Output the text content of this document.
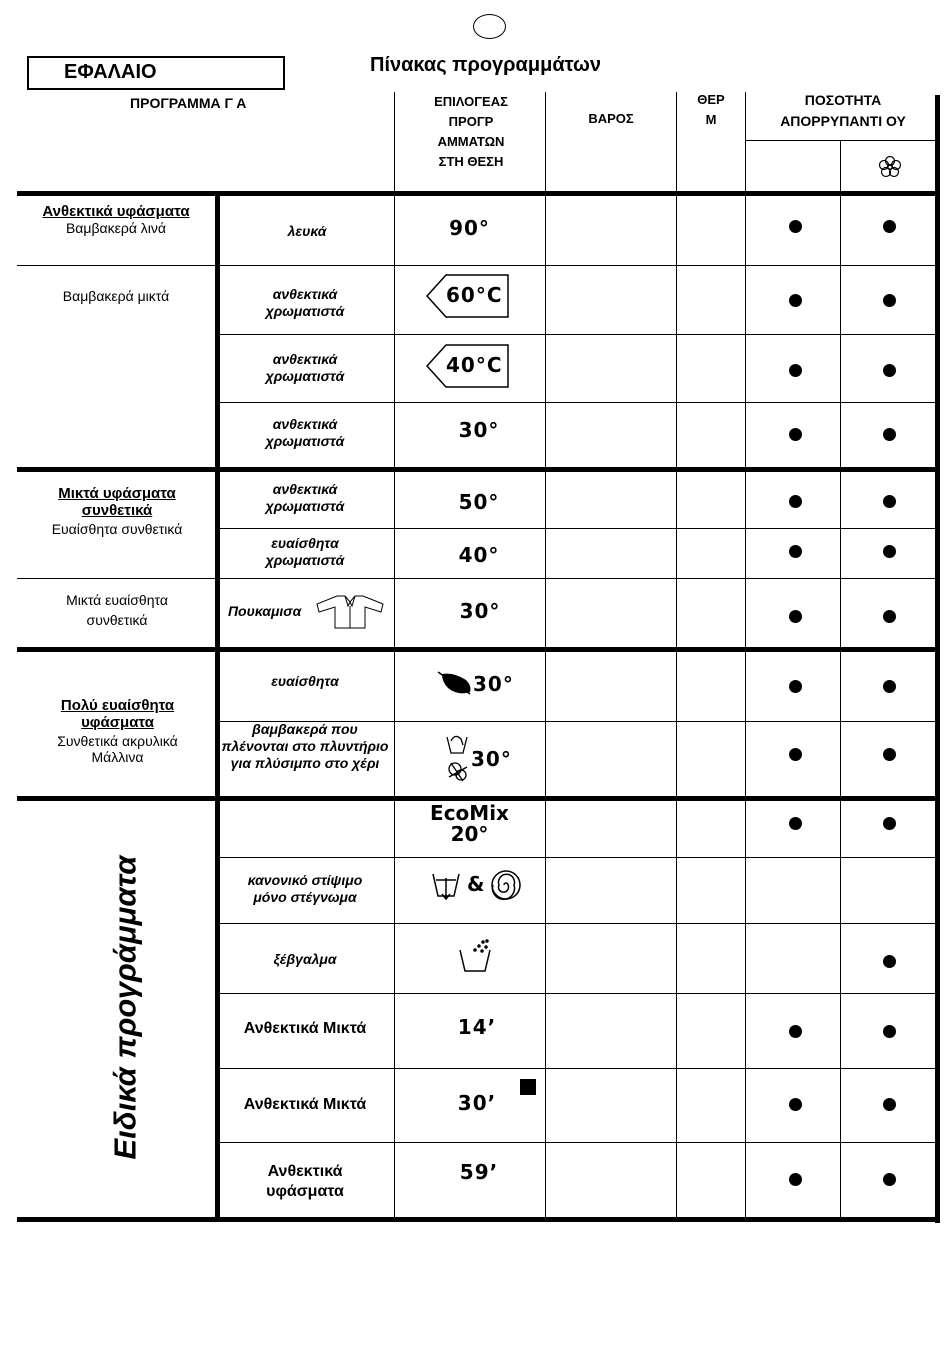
ΕΦΑΛΑΙΟ	Πίνακας προγραμμάτων
ΠΡΟΓΡΑΜΜΑ Γ Α	ΕΠΙΛΟΓΕΑΣ
ΠΡΟΓΡ
ΑΜΜΑΤΩΝ
ΣΤΗ ΘΕΣΗ
ΒΑΡΟΣ
ΘΕΡ
Μ
ΠΟΣΟΤΗΤΑ
ΑΠΟΡΡΥΠΑΝΤΙ ΟΥ
Ανθεκτικά υφάσματα
Βαμβακερά λινά
Βαμβακερά μικτά
Μικτά υφάσματα συνθετικά
Ευαίσθητα συνθετικά
Μικτά ευαίσθητα συνθετικά
Πολύ ευαίσθητα υφάσματα
Συνθετικά ακρυλικά Μάλλινα
Ειδικά προγράμματα
λευκά
ανθεκτικά χρωματιστά
ανθεκτικά χρωματιστά
ανθεκτικά χρωματιστά
ανθεκτικά χρωματιστά
ευαίσθητα χρωματιστά
Πουκαμισα
ευαίσθητα
βαμβακερά που πλένονται στο πλυντήριο για πλύσιμπο στο χέρι
κανονικό στίψιμο μόνο στέγνωμα
ξέβγαλμα
Ανθεκτικά Μικτά
Ανθεκτικά Μικτά
Ανθεκτικά υφάσματα
90°
60°C
40°C
30°
50°
40°
30°
30°
30°
EcoMix
20°
&
14’
30’
59’
